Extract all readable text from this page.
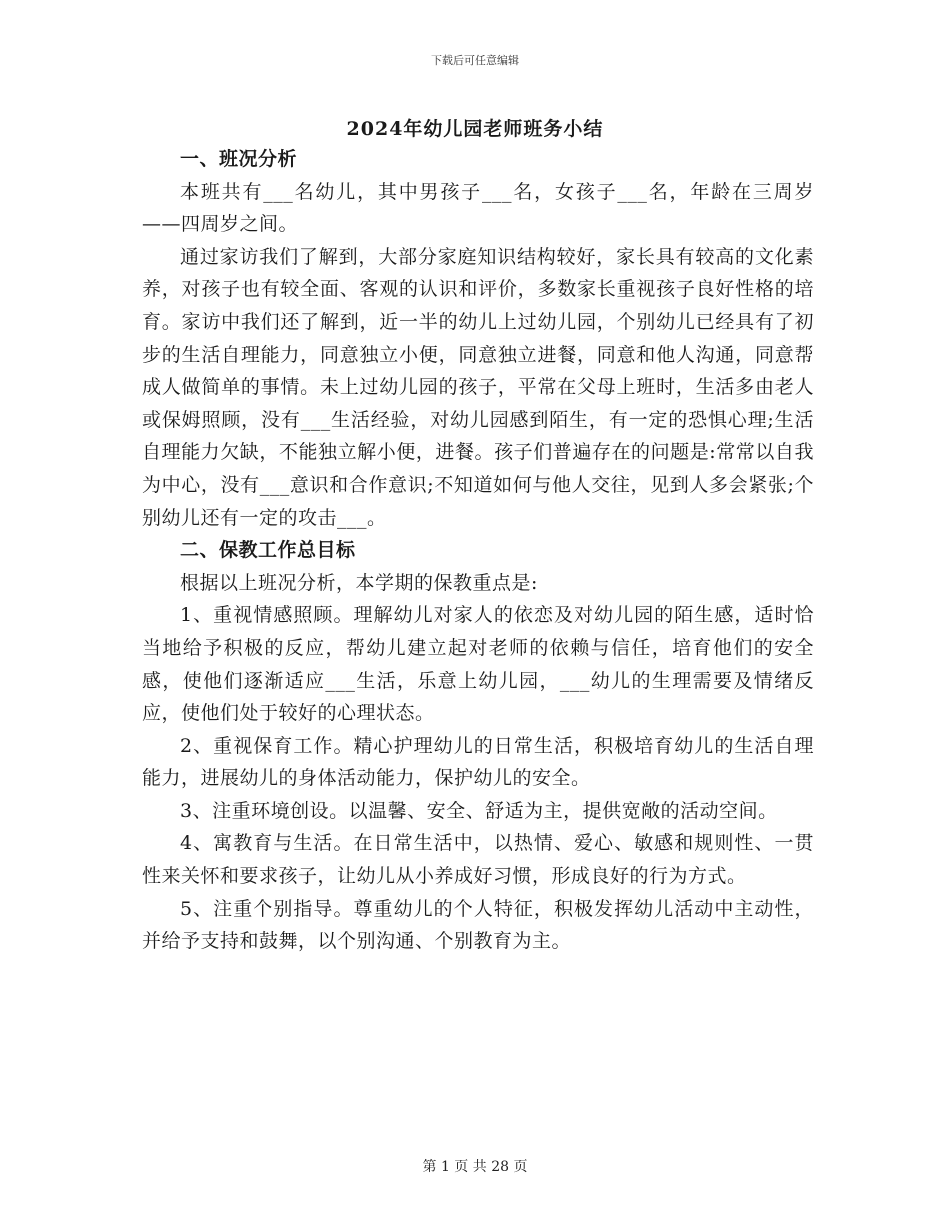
下载后可任意编辑
2024年幼儿园老师班务小结
一、班况分析

本班共有___名幼儿，其中男孩子___名，女孩子___名，年龄在三周岁——四周岁之间。

通过家访我们了解到，大部分家庭知识结构较好，家长具有较高的文化素养，对孩子也有较全面、客观的认识和评价，多数家长重视孩子良好性格的培育。家访中我们还了解到，近一半的幼儿上过幼儿园，个别幼儿已经具有了初步的生活自理能力，同意独立小便，同意独立进餐，同意和他人沟通，同意帮成人做简单的事情。未上过幼儿园的孩子，平常在父母上班时，生活多由老人或保姆照顾，没有___生活经验，对幼儿园感到陌生，有一定的恐惧心理;生活自理能力欠缺，不能独立解小便，进餐。孩子们普遍存在的问题是:常常以自我为中心，没有___意识和合作意识;不知道如何与他人交往，见到人多会紧张;个别幼儿还有一定的攻击___。

二、保教工作总目标

根据以上班况分析，本学期的保教重点是:

1、重视情感照顾。理解幼儿对家人的依恋及对幼儿园的陌生感，适时恰当地给予积极的反应，帮幼儿建立起对老师的依赖与信任，培育他们的安全感，使他们逐渐适应___生活，乐意上幼儿园，___幼儿的生理需要及情绪反应，使他们处于较好的心理状态。

2、重视保育工作。精心护理幼儿的日常生活，积极培育幼儿的生活自理能力，进展幼儿的身体活动能力，保护幼儿的安全。

3、注重环境创设。以温馨、安全、舒适为主，提供宽敞的活动空间。

4、寓教育与生活。在日常生活中，以热情、爱心、敏感和规则性、一贯性来关怀和要求孩子，让幼儿从小养成好习惯，形成良好的行为方式。

5、注重个别指导。尊重幼儿的个人特征，积极发挥幼儿活动中主动性，并给予支持和鼓舞，以个别沟通、个别教育为主。

第 1 页 共 28 页
